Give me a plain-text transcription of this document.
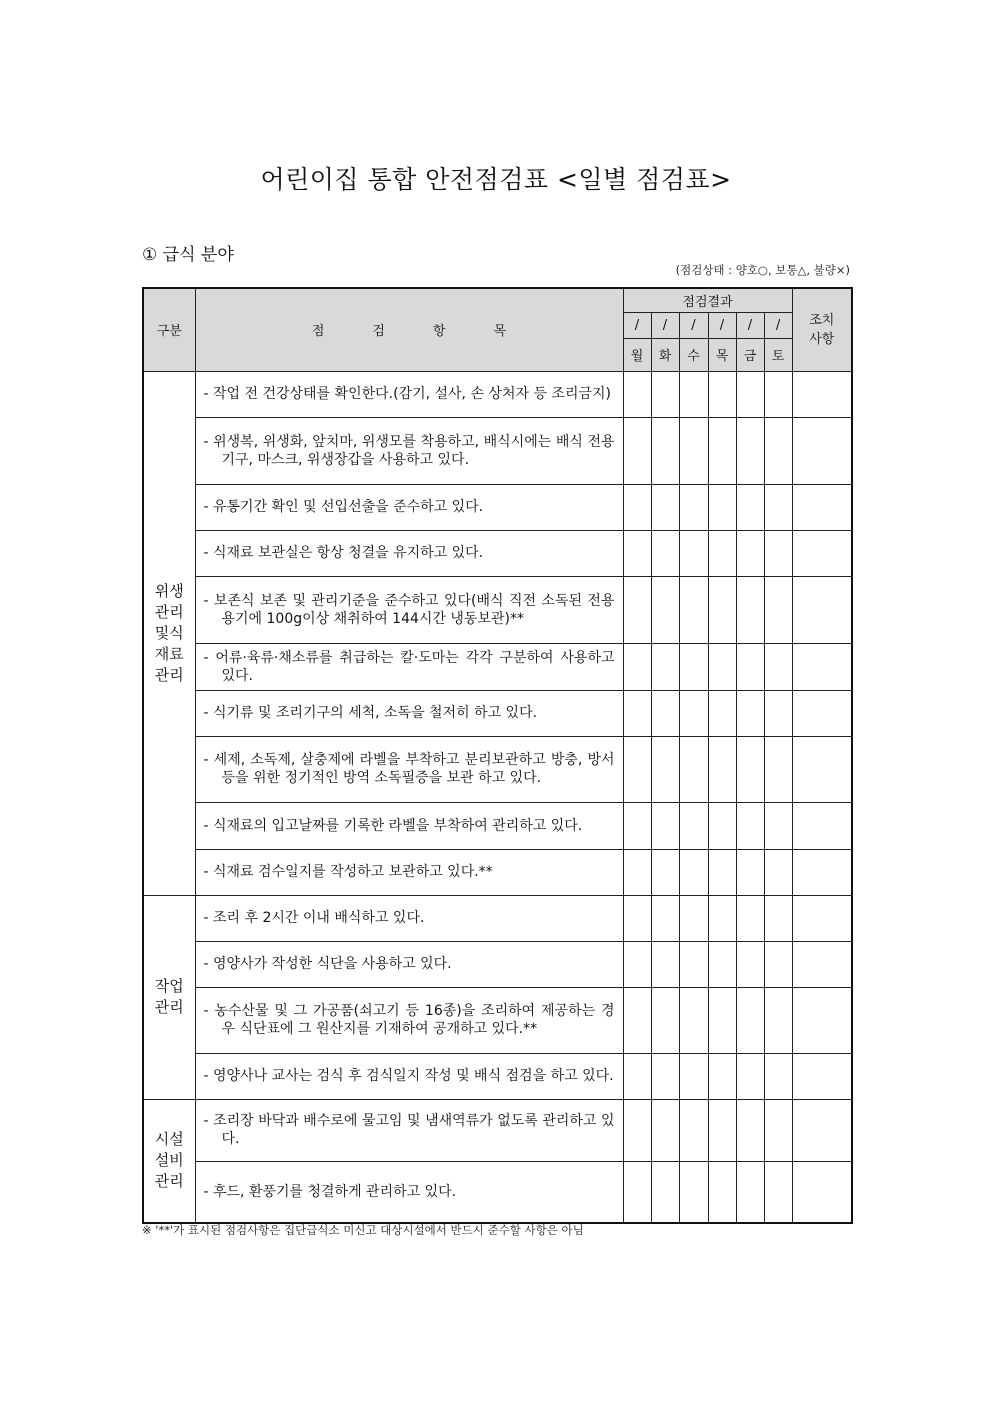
어린이집 통합 안전점검표 <일별 점검표>
① 급식 분야
(점검상태 : 양호○, 보통△, 불량×)
구분	점검항목	점검결과						조치사항
		/	/	/	/	/	/	
		월	화	수	목	금	토	
위생관리및식재료관리	- 작업 전 건강상태를 확인한다.(감기, 설사, 손 상처자 등 조리금지)							

	- 위생복, 위생화, 앞치마, 위생모를 착용하고, 배식시에는 배식 전용기구, 마스크, 위생장갑을 사용하고 있다.							

	- 유통기간 확인 및 선입선출을 준수하고 있다.							

	- 식재료 보관실은 항상 청결을 유지하고 있다.							

	- 보존식 보존 및 관리기준을 준수하고 있다(배식 직전 소독된 전용용기에 100g이상 채취하여 144시간 냉동보관)**							

	- 어류·육류·채소류를 취급하는 칼·도마는 각각 구분하여 사용하고 있다.							

	- 식기류 및 조리기구의 세척, 소독을 철저히 하고 있다.							

	- 세제, 소독제, 살충제에 라벨을 부착하고 분리보관하고 방충, 방서 등을 위한 정기적인 방역 소독필증을 보관 하고 있다.							

	- 식재료의 입고날짜를 기록한 라벨을 부착하여 관리하고 있다.							

	- 식재료 검수일지를 작성하고 보관하고 있다.**							

작업관리	- 조리 후 2시간 이내 배식하고 있다.							

	- 영양사가 작성한 식단을 사용하고 있다.							

	- 농수산물 및 그 가공품(쇠고기 등 16종)을 조리하여 제공하는 경우 식단표에 그 원산지를 기재하여 공개하고 있다.**							

	- 영양사나 교사는 검식 후 검식일지 작성 및 배식 점검을 하고 있다.							

시설설비관리	- 조리장 바닥과 배수로에 물고임 및 냄새역류가 없도록 관리하고 있다.							

	- 후드, 환풍기를 청결하게 관리하고 있다.							

※ '**'가 표시된 점검사항은 집단급식소 미신고 대상시설에서 반드시 준수할 사항은 아님
